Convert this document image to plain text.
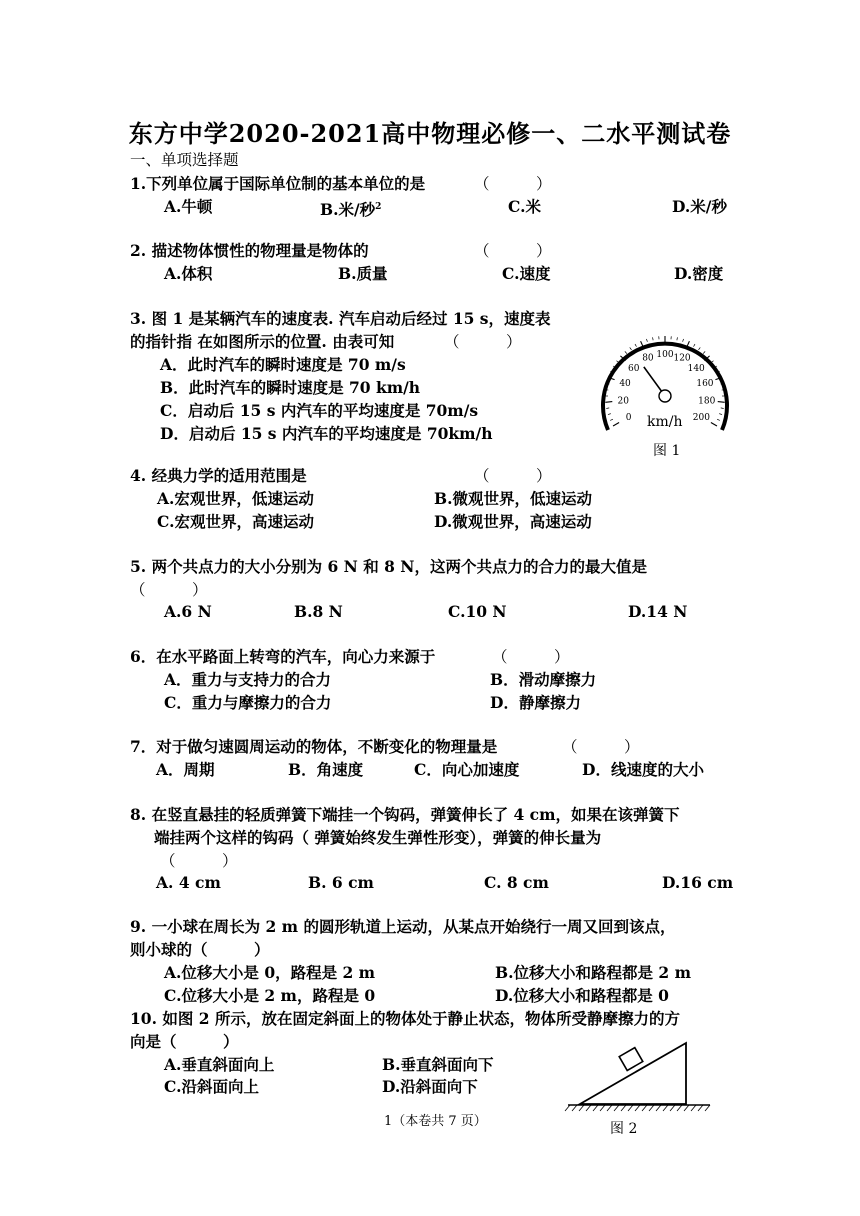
东方中学2020-2021高中物理必修一、二水平测试卷
一、单项选择题
1.下列单位属于国际单位制的基本单位的是	（　　　）
A.牛顿	B.米/秒$^2$	C.米	D.米/秒
2. 描述物体惯性的物理量是物体的	（　　　）
A.体积	B.质量	C.速度	D.密度
3. 图 1 是某辆汽车的速度表. 汽车启动后经过 15 s，速度表
的指针指 在如图所示的位置. 由表可知	（　　　）
A．此时汽车的瞬时速度是 70 m/s
B．此时汽车的瞬时速度是 70 km/h
C．启动后 15 s 内汽车的平均速度是 70m/s
D．启动后 15 s 内汽车的平均速度是 70km/h
0
20
40
60
80 100 120
140
160
180
200
km/h
图 1
4. 经典力学的适用范围是	（　　　）
A.宏观世界，低速运动	B.微观世界，低速运动
C.宏观世界，高速运动	D.微观世界，高速运动
5. 两个共点力的大小分别为 6 N 和 8 N，这两个共点力的合力的最大值是
（　　　）
A.6 N	B.8 N	C.10 N	D.14 N
6．在水平路面上转弯的汽车，向心力来源于	（　　　）
A．重力与支持力的合力	B．滑动摩擦力
C．重力与摩擦力的合力	D．静摩擦力
7．对于做匀速圆周运动的物体，不断变化的物理量是	（　　　）
A．周期	B．角速度	C．向心加速度	D．线速度的大小
8. 在竖直悬挂的轻质弹簧下端挂一个钩码，弹簧伸长了 4 cm，如果在该弹簧下
端挂两个这样的钩码（ 弹簧始终发生弹性形变），弹簧的伸长量为
（　　　）
A. 4 cm	B. 6 cm	C. 8 cm	D.16 cm
9. 一小球在周长为 2 m 的圆形轨道上运动，从某点开始绕行一周又回到该点，
则小球的（　　　）
A.位移大小是 0，路程是 2 m	B.位移大小和路程都是 2 m
C.位移大小是 2 m，路程是 0	D.位移大小和路程都是 0
10. 如图 2 所示，放在固定斜面上的物体处于静止状态，物体所受静摩擦力的方
向是（　　　）
A.垂直斜面向上	B.垂直斜面向下
C.沿斜面向上	D.沿斜面向下
图 2
1（本卷共 7 页）
